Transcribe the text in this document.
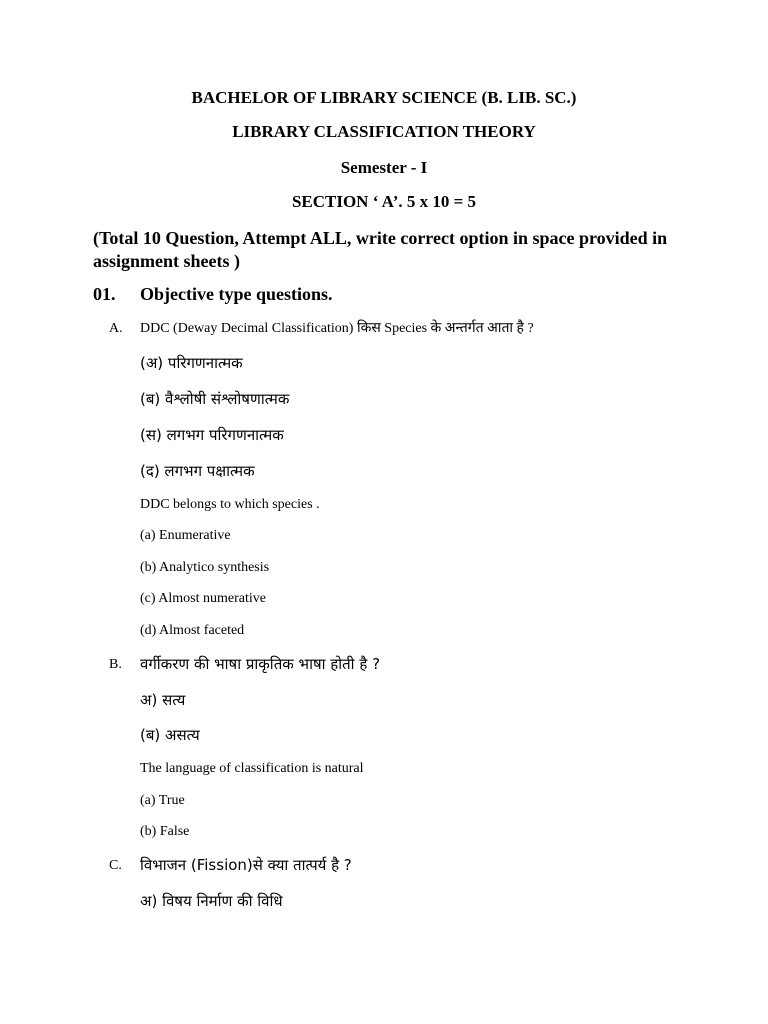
BACHELOR OF LIBRARY SCIENCE (B. LIB. SC.)
LIBRARY CLASSIFICATION THEORY
Semester - I
SECTION ‘ A’. 5 x 10 = 5
(Total 10 Question, Attempt ALL, write correct option in space provided in assignment sheets )
01. Objective type questions.
A. DDC (Deway Decimal Classification) किस Species के अन्तर्गत आता है ?
(अ) परिगणनात्मक
(ब) वैश्लोषी संश्लोषणात्मक
(स) लगभग परिगणनात्मक
(द) लगभग पक्षात्मक
DDC belongs to which species .
(a) Enumerative
(b) Analytico synthesis
(c) Almost numerative
(d) Almost faceted
B. वर्गीकरण की भाषा प्राकृतिक भाषा होती है ?
अ) सत्य
(ब) असत्य
The language of classification is natural
(a) True
(b) False
C. विभाजन (Fission)से क्या तात्पर्य है ?
अ) विषय निर्माण की विधि
